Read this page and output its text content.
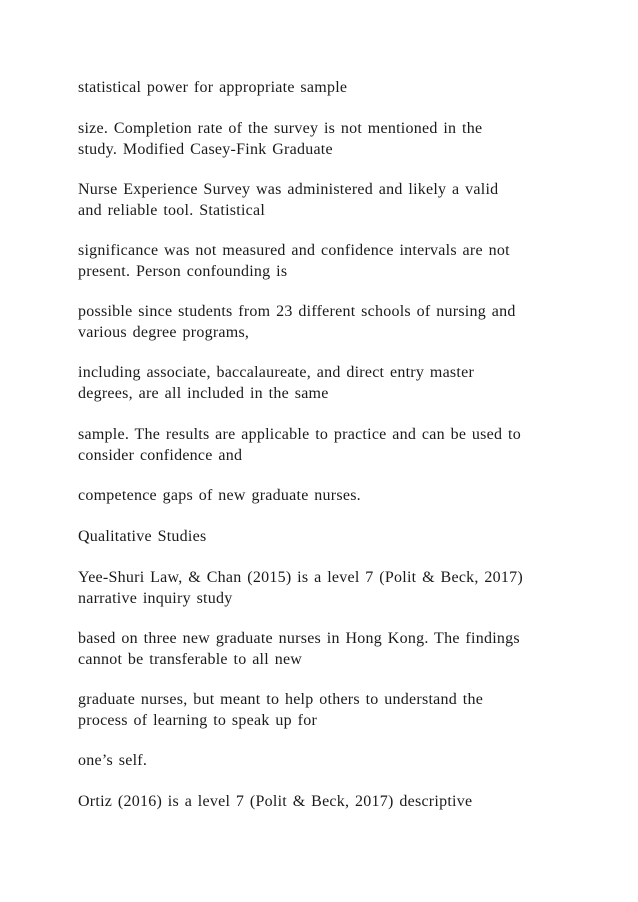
statistical power for appropriate sample

size. Completion rate of the survey is not mentioned in the
study. Modified Casey-Fink Graduate

Nurse Experience Survey was administered and likely a valid
and reliable tool. Statistical

significance was not measured and confidence intervals are not
present. Person confounding is

possible since students from 23 different schools of nursing and
various degree programs,

including associate, baccalaureate, and direct entry master
degrees, are all included in the same

sample. The results are applicable to practice and can be used to
consider confidence and

competence gaps of new graduate nurses.

Qualitative Studies

Yee-Shuri Law, & Chan (2015) is a level 7 (Polit & Beck, 2017)
narrative inquiry study

based on three new graduate nurses in Hong Kong. The findings
cannot be transferable to all new

graduate nurses, but meant to help others to understand the
process of learning to speak up for

one’s self.

Ortiz (2016) is a level 7 (Polit & Beck, 2017) descriptive
